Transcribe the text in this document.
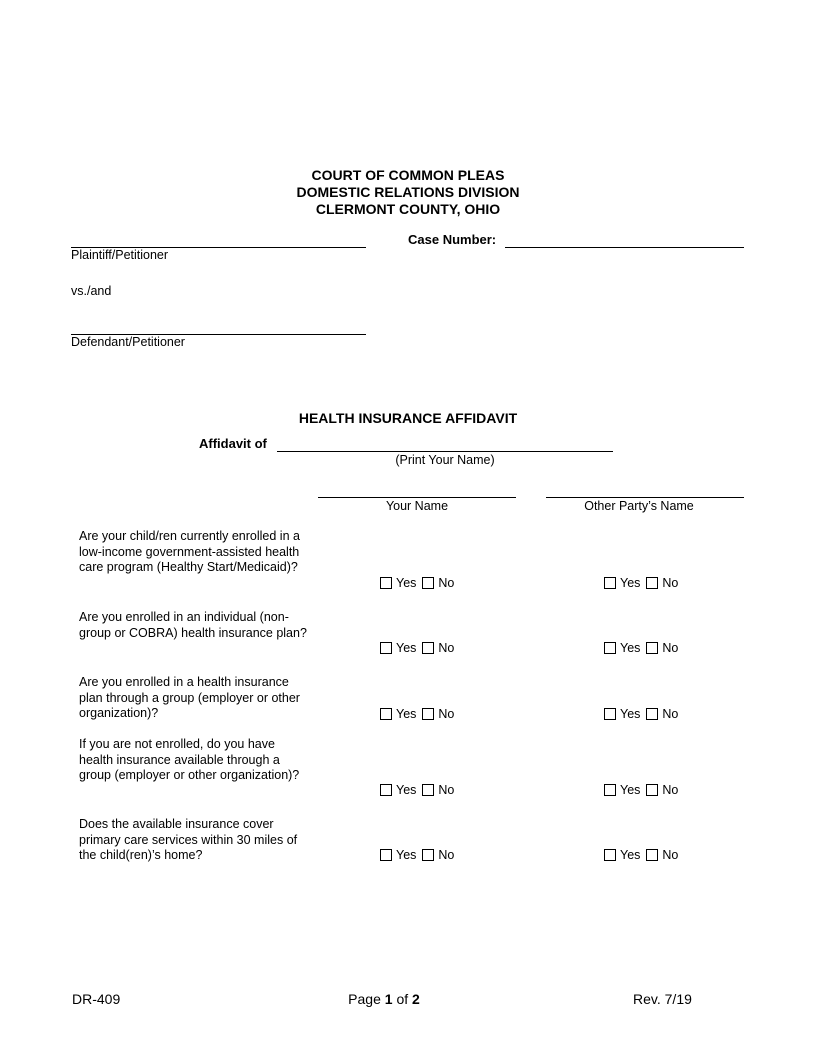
COURT OF COMMON PLEAS
DOMESTIC RELATIONS DIVISION
CLERMONT COUNTY, OHIO
Plaintiff/Petitioner
Case Number:
vs./and
Defendant/Petitioner
HEALTH INSURANCE AFFIDAVIT
Affidavit of
(Print Your Name)
Your Name	Other Party’s Name
Are your child/ren currently enrolled in a low-income government-assisted health care program (Healthy Start/Medicaid)?
Yes No	Yes No
Are you enrolled in an individual (non-group or COBRA) health insurance plan?
Yes No	Yes No
Are you enrolled in a health insurance plan through a group (employer or other organization)?	Yes No	Yes No
If you are not enrolled, do you have health insurance available through a group (employer or other organization)?
Yes No	Yes No
Does the available insurance cover primary care services within 30 miles of the child(ren)’s home?	Yes No	Yes No
DR-409	Page 1 of 2	Rev. 7/19
